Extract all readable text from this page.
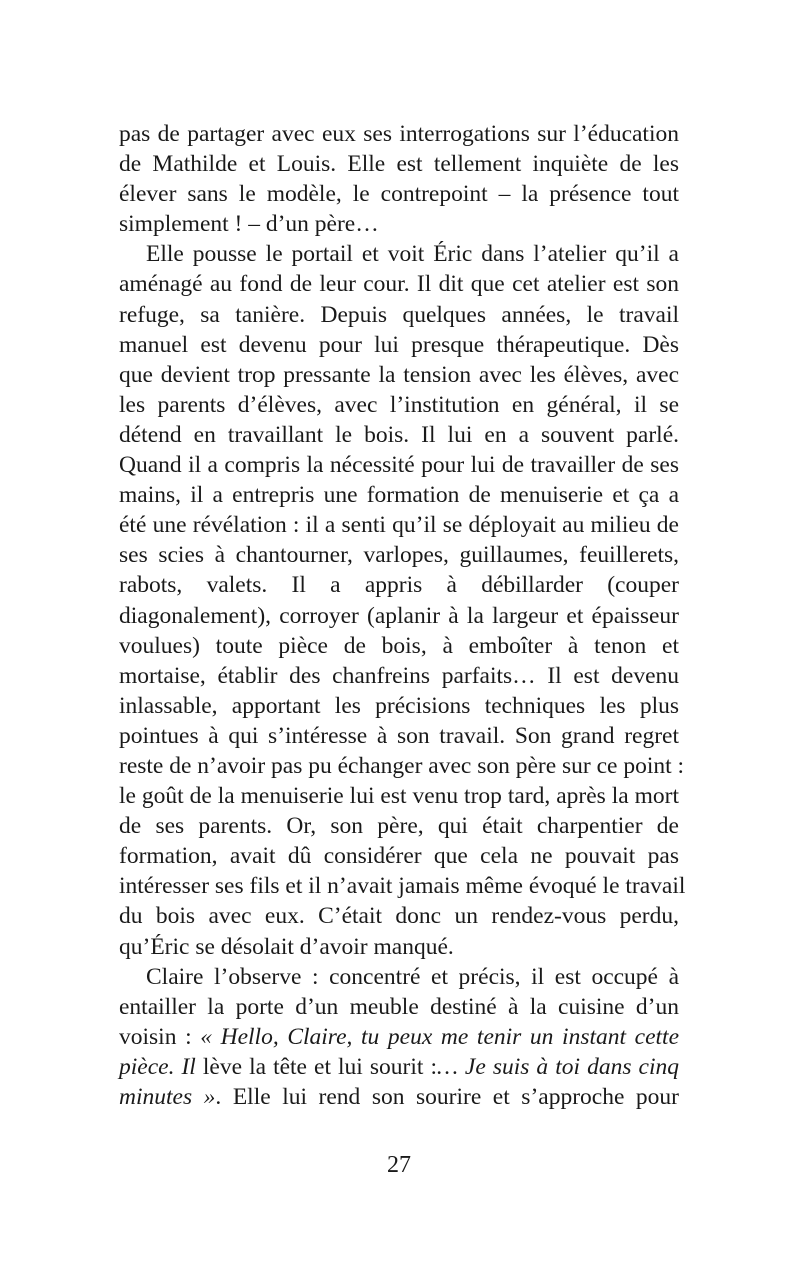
pas de partager avec eux ses interrogations sur l’éducation
de Mathilde et Louis. Elle est tellement inquiète de les
élever sans le modèle, le contrepoint – la présence tout
simplement ! – d’un père…

Elle pousse le portail et voit Éric dans l’atelier qu’il a
aménagé au fond de leur cour. Il dit que cet atelier est son
refuge, sa tanière. Depuis quelques années, le travail
manuel est devenu pour lui presque thérapeutique. Dès
que devient trop pressante la tension avec les élèves, avec
les parents d’élèves, avec l’institution en général, il se
détend en travaillant le bois. Il lui en a souvent parlé.
Quand il a compris la nécessité pour lui de travailler de ses
mains, il a entrepris une formation de menuiserie et ça a
été une révélation : il a senti qu’il se déployait au milieu de
ses scies à chantourner, varlopes, guillaumes, feuillerets,
rabots, valets. Il a appris à débillarder (couper
diagonalement), corroyer (aplanir à la largeur et épaisseur
voulues) toute pièce de bois, à emboîter à tenon et
mortaise, établir des chanfreins parfaits… Il est devenu
inlassable, apportant les précisions techniques les plus
pointues à qui s’intéresse à son travail. Son grand regret
reste de n’avoir pas pu échanger avec son père sur ce point :
le goût de la menuiserie lui est venu trop tard, après la mort
de ses parents. Or, son père, qui était charpentier de
formation, avait dû considérer que cela ne pouvait pas
intéresser ses fils et il n’avait jamais même évoqué le travail
du bois avec eux. C’était donc un rendez-vous perdu,
qu’Éric se désolait d’avoir manqué.

Claire l’observe : concentré et précis, il est occupé à
entailler la porte d’un meuble destiné à la cuisine d’un
voisin : « Hello, Claire, tu peux me tenir un instant cette
pièce. Il lève la tête et lui sourit :… Je suis à toi dans cinq
minutes ». Elle lui rend son sourire et s’approche pour

27
